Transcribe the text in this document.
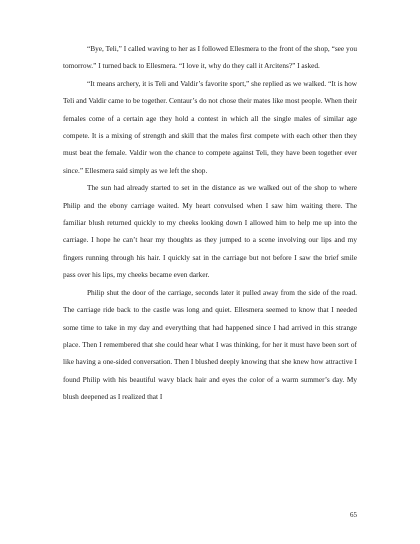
“Bye, Teli,” I called waving to her as I followed Ellesmera to the front of the shop, “see you tomorrow.” I turned back to Ellesmera. “I love it, why do they call it Arcitens?” I asked.

“It means archery, it is Teli and Valdir’s favorite sport,” she replied as we walked. “It is how Teli and Valdir came to be together. Centaur’s do not chose their mates like most people. When their females come of a certain age they hold a contest in which all the single males of similar age compete. It is a mixing of strength and skill that the males first compete with each other then they must beat the female. Valdir won the chance to compete against Teli, they have been together ever since.” Ellesmera said simply as we left the shop.

The sun had already started to set in the distance as we walked out of the shop to where Philip and the ebony carriage waited. My heart convulsed when I saw him waiting there. The familiar blush returned quickly to my cheeks looking down I allowed him to help me up into the carriage. I hope he can’t hear my thoughts as they jumped to a scene involving our lips and my fingers running through his hair. I quickly sat in the carriage but not before I saw the brief smile pass over his lips, my cheeks became even darker.

Philip shut the door of the carriage, seconds later it pulled away from the side of the road. The carriage ride back to the castle was long and quiet. Ellesmera seemed to know that I needed some time to take in my day and everything that had happened since I had arrived in this strange place. Then I remembered that she could hear what I was thinking, for her it must have been sort of like having a one-sided conversation. Then I blushed deeply knowing that she knew how attractive I found Philip with his beautiful wavy black hair and eyes the color of a warm summer’s day. My blush deepened as I realized that I

65
